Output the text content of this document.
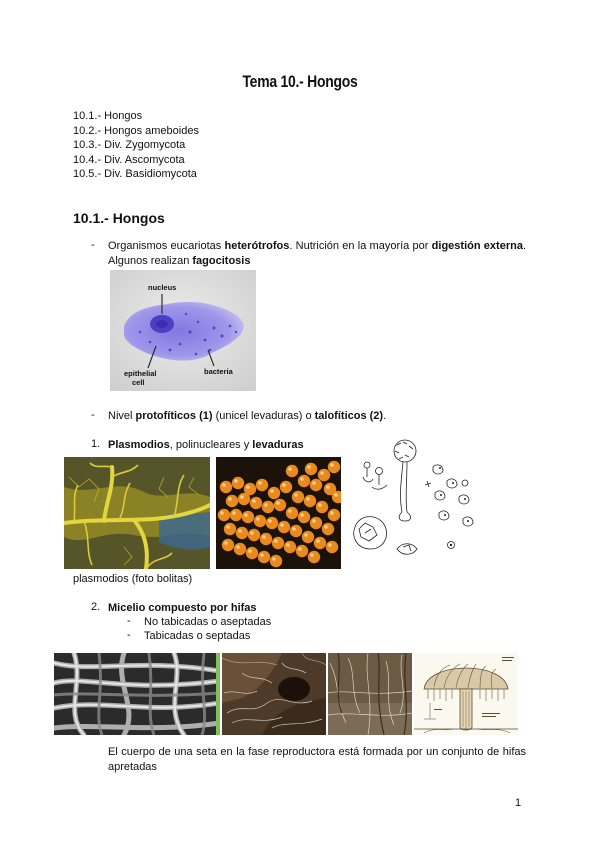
Tema 10.- Hongos
10.1.- Hongos
10.2.- Hongos ameboides
10.3.- Div. Zygomycota
10.4.- Div. Ascomycota
10.5.- Div. Basidiomycota
10.1.- Hongos
- Organismos eucariotas heterótrofos. Nutrición en la mayoría por digestión externa. Algunos realizan fagocitosis
nucleus
epithelial
cell
bacteria
- Nivel protofíticos (1) (unicel levaduras) o talofíticos (2).
1. Plasmodios, polinucleares y levaduras
plasmodios (foto bolitas)
2. Micelio compuesto por hifas
- No tabicadas o aseptadas
- Tabicadas o septadas
El cuerpo de una seta en la fase reproductora está formada por un conjunto de hifas apretadas
1
